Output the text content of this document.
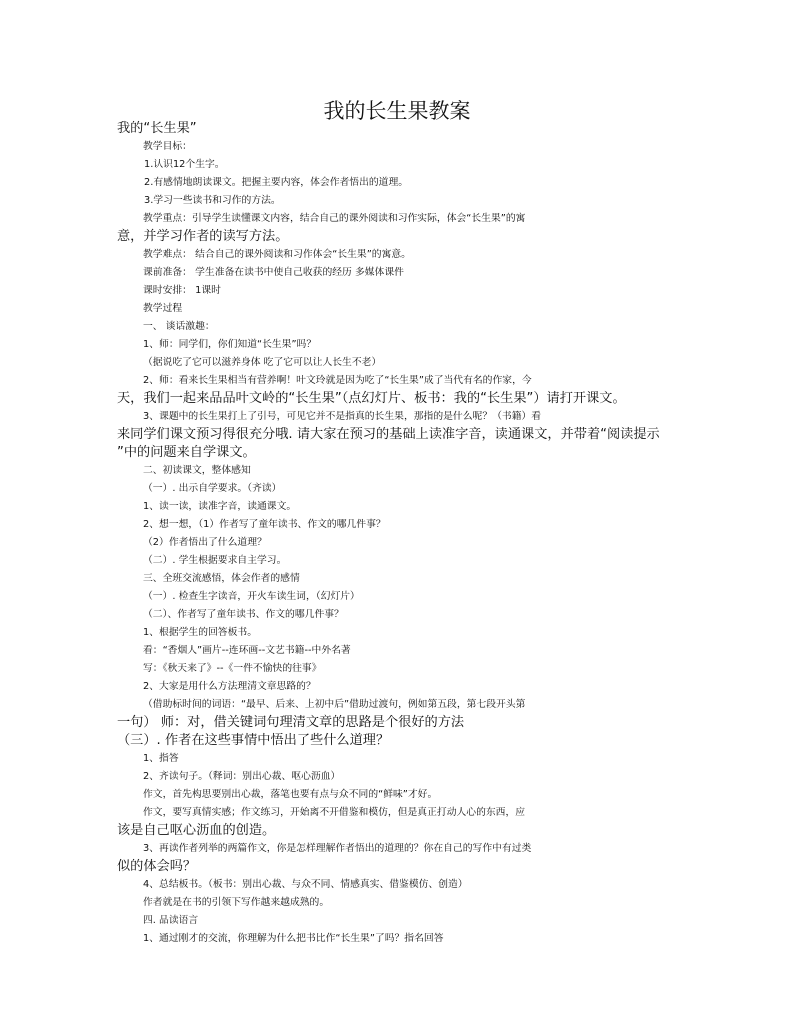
我的长生果教案
我的“长生果”
教学目标：
1.认识12个生字。
2.有感情地朗读课文。把握主要内容，体会作者悟出的道理。
3.学习一些读书和习作的方法。
教学重点：引导学生读懂课文内容，结合自己的课外阅读和习作实际，体会“长生果”的寓
意，并学习作者的读写方法。
教学难点： 结合自己的课外阅读和习作体会“长生果”的寓意。
课前准备： 学生准备在读书中使自己收获的经历 多媒体课件
课时安排： 1课时
教学过程
一、 谈话激趣：
1、师：同学们，你们知道“长生果”吗？
（据说吃了它可以滋养身体 吃了它可以让人长生不老）
2、师：看来长生果相当有营养啊！叶文玲就是因为吃了“长生果”成了当代有名的作家，今
天，我们一起来品品叶文岭的“长生果”（点幻灯片、板书：我的“长生果”）请打开课文。
3、课题中的长生果打上了引号，可见它并不是指真的长生果，那指的是什么呢？（书籍）看
来同学们课文预习得很充分哦. 请大家在预习的基础上读准字音，读通课文，并带着“阅读提示
”中的问题来自学课文。
二、初读课文，整体感知
（一）. 出示自学要求。（齐读）
1、读一读，读准字音，读通课文。
2、想一想，（1）作者写了童年读书、作文的哪几件事？
（2）作者悟出了什么道理？
（二）. 学生根据要求自主学习。
三、全班交流感悟，体会作者的感情
（一）. 检查生字读音，开火车读生词，（幻灯片）
（二）、作者写了童年读书、作文的哪几件事？
1、根据学生的回答板书。
看：“香烟人”画片--连环画--文艺书籍--中外名著
写：《秋天来了》--《一件不愉快的往事》
2、大家是用什么方法理清文章思路的？
（借助标时间的词语：“最早、后来、上初中后”借助过渡句，例如第五段，第七段开头第
一句） 师：对，借关键词句理清文章的思路是个很好的方法
（三）. 作者在这些事情中悟出了些什么道理？
1、指答
2、齐读句子。（释词：别出心裁、呕心沥血）
作文，首先构思要别出心裁，落笔也要有点与众不同的“鲜味”才好。
作文，要写真情实感；作文练习，开始离不开借鉴和模仿，但是真正打动人心的东西，应
该是自己呕心沥血的创造。
3、再读作者列举的两篇作文，你是怎样理解作者悟出的道理的？你在自己的写作中有过类
似的体会吗？
4、总结板书。（板书：别出心裁、与众不同、情感真实、借鉴模仿、创造）
作者就是在书的引领下写作越来越成熟的。
四. 品读语言
1、通过刚才的交流，你理解为什么把书比作“长生果”了吗？指名回答
